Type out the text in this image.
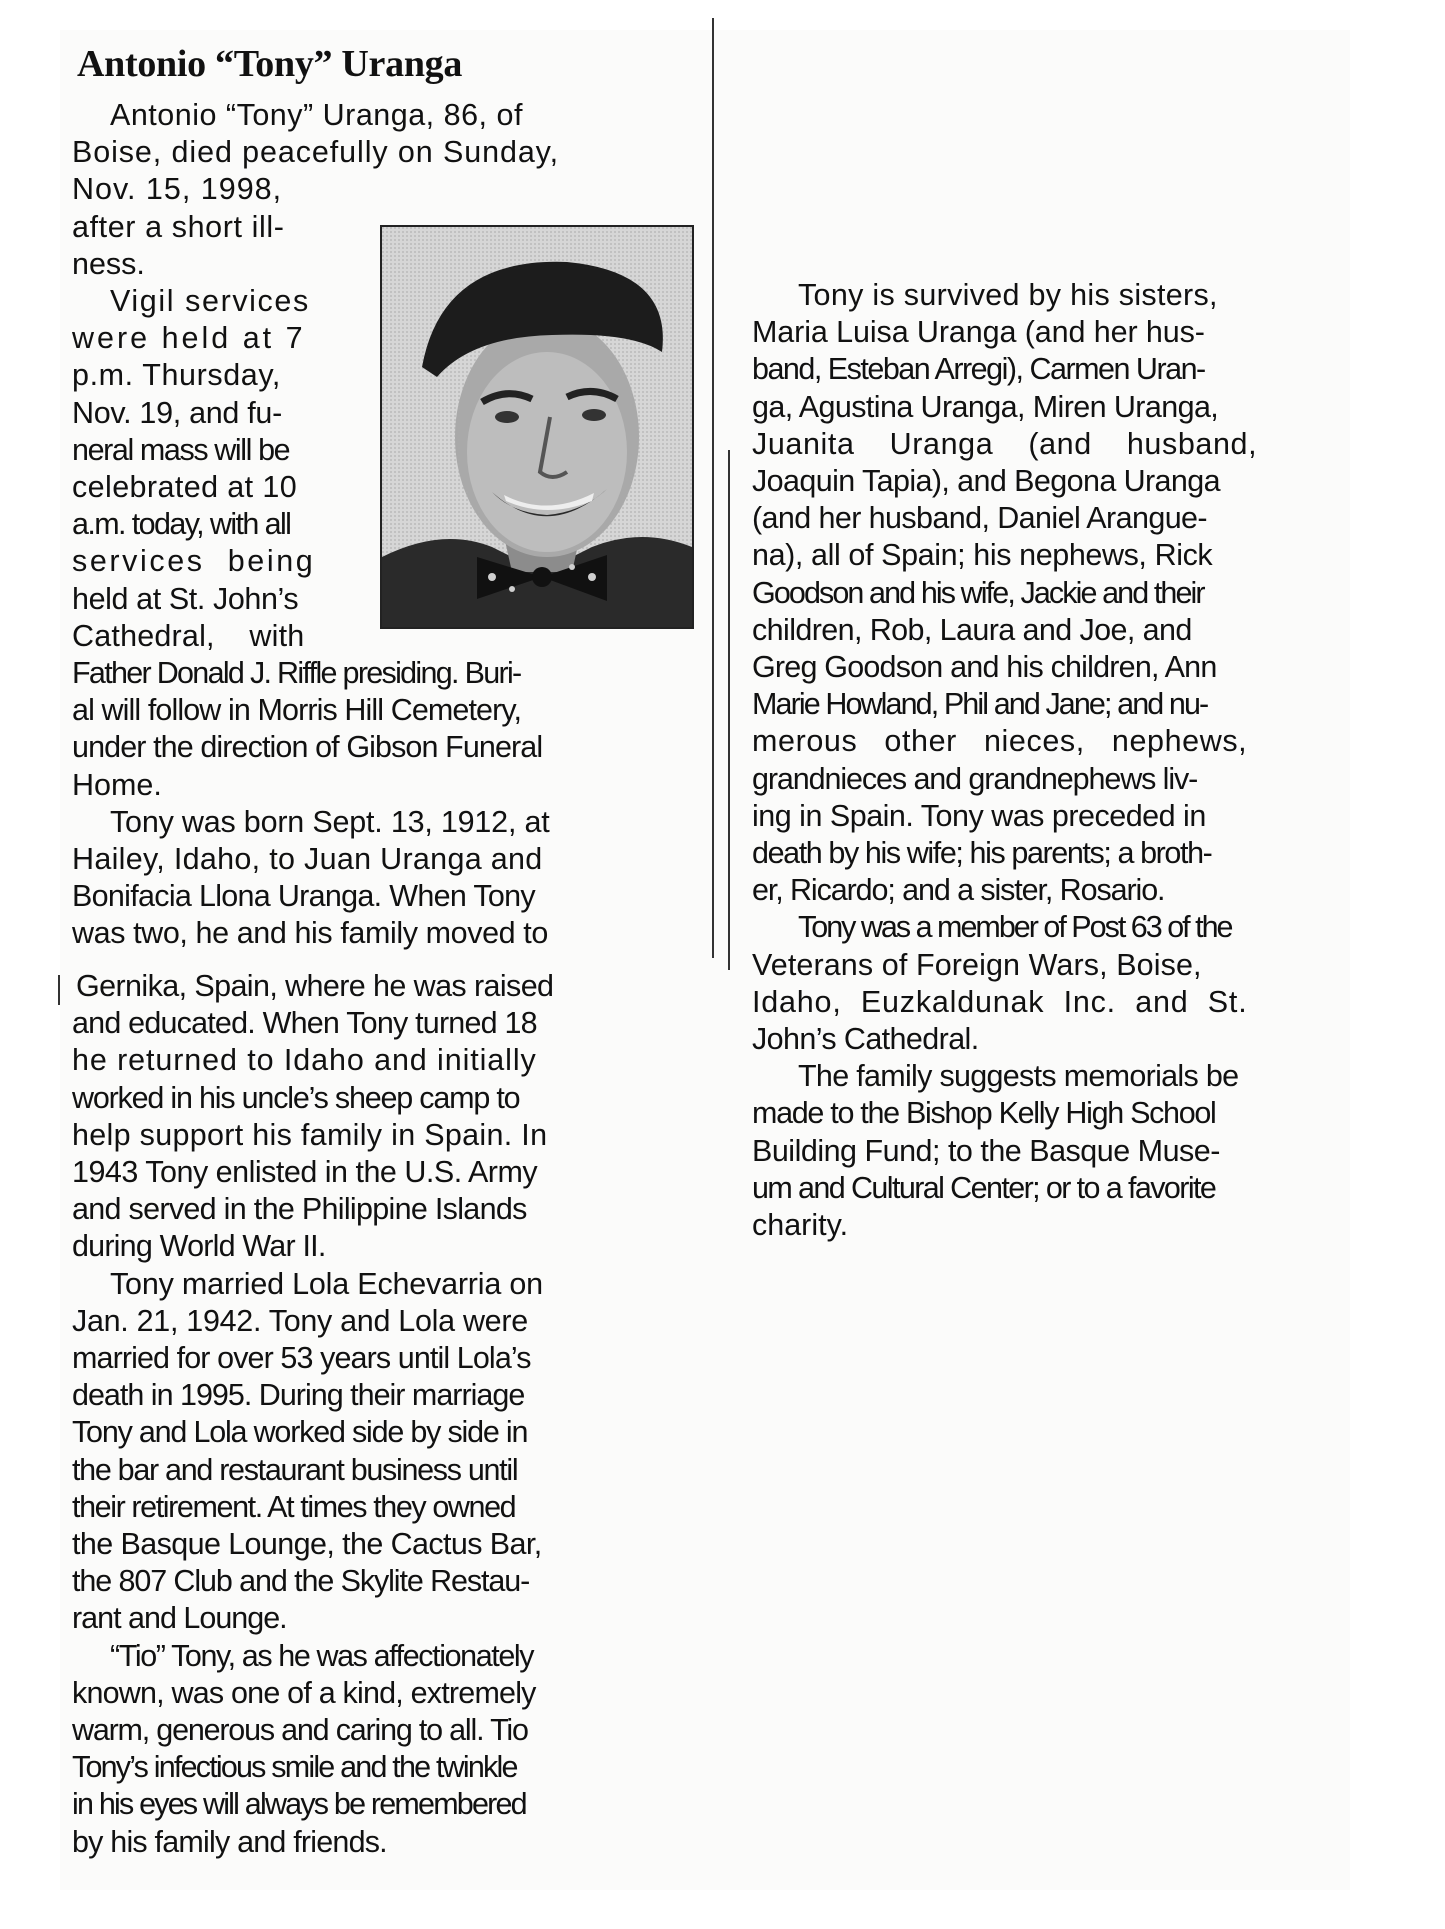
Antonio “Tony” Uranga
Antonio “Tony” Uranga, 86, of
Boise, died peacefully on Sunday,
Nov. 15, 1998,
after a short ill-
ness.
Vigil services
were held at 7
p.m. Thursday,
Nov. 19, and fu-
neral mass will be
celebrated at 10
a.m. today, with all
services being
held at St. John’s
Cathedral, with
Father Donald J. Riffle presiding. Buri-
al will follow in Morris Hill Cemetery,
under the direction of Gibson Funeral
Home.
Tony was born Sept. 13, 1912, at
Hailey, Idaho, to Juan Uranga and
Bonifacia Llona Uranga. When Tony
was two, he and his family moved to
Gernika, Spain, where he was raised
and educated. When Tony turned 18
he returned to Idaho and initially
worked in his uncle’s sheep camp to
help support his family in Spain. In
1943 Tony enlisted in the U.S. Army
and served in the Philippine Islands
during World War II.
Tony married Lola Echevarria on
Jan. 21, 1942. Tony and Lola were
married for over 53 years until Lola’s
death in 1995. During their marriage
Tony and Lola worked side by side in
the bar and restaurant business until
their retirement. At times they owned
the Basque Lounge, the Cactus Bar,
the 807 Club and the Skylite Restau-
rant and Lounge.
“Tio” Tony, as he was affectionately
known, was one of a kind, extremely
warm, generous and caring to all. Tio
Tony’s infectious smile and the twinkle
in his eyes will always be remembered
by his family and friends.
Tony is survived by his sisters,
Maria Luisa Uranga (and her hus-
band, Esteban Arregi), Carmen Uran-
ga, Agustina Uranga, Miren Uranga,
Juanita Uranga (and husband,
Joaquin Tapia), and Begona Uranga
(and her husband, Daniel Arangue-
na), all of Spain; his nephews, Rick
Goodson and his wife, Jackie and their
children, Rob, Laura and Joe, and
Greg Goodson and his children, Ann
Marie Howland, Phil and Jane; and nu-
merous other nieces, nephews,
grandnieces and grandnephews liv-
ing in Spain. Tony was preceded in
death by his wife; his parents; a broth-
er, Ricardo; and a sister, Rosario.
Tony was a member of Post 63 of the
Veterans of Foreign Wars, Boise,
Idaho, Euzkaldunak Inc. and St.
John’s Cathedral.
The family suggests memorials be
made to the Bishop Kelly High School
Building Fund; to the Basque Muse-
um and Cultural Center; or to a favorite
charity.
